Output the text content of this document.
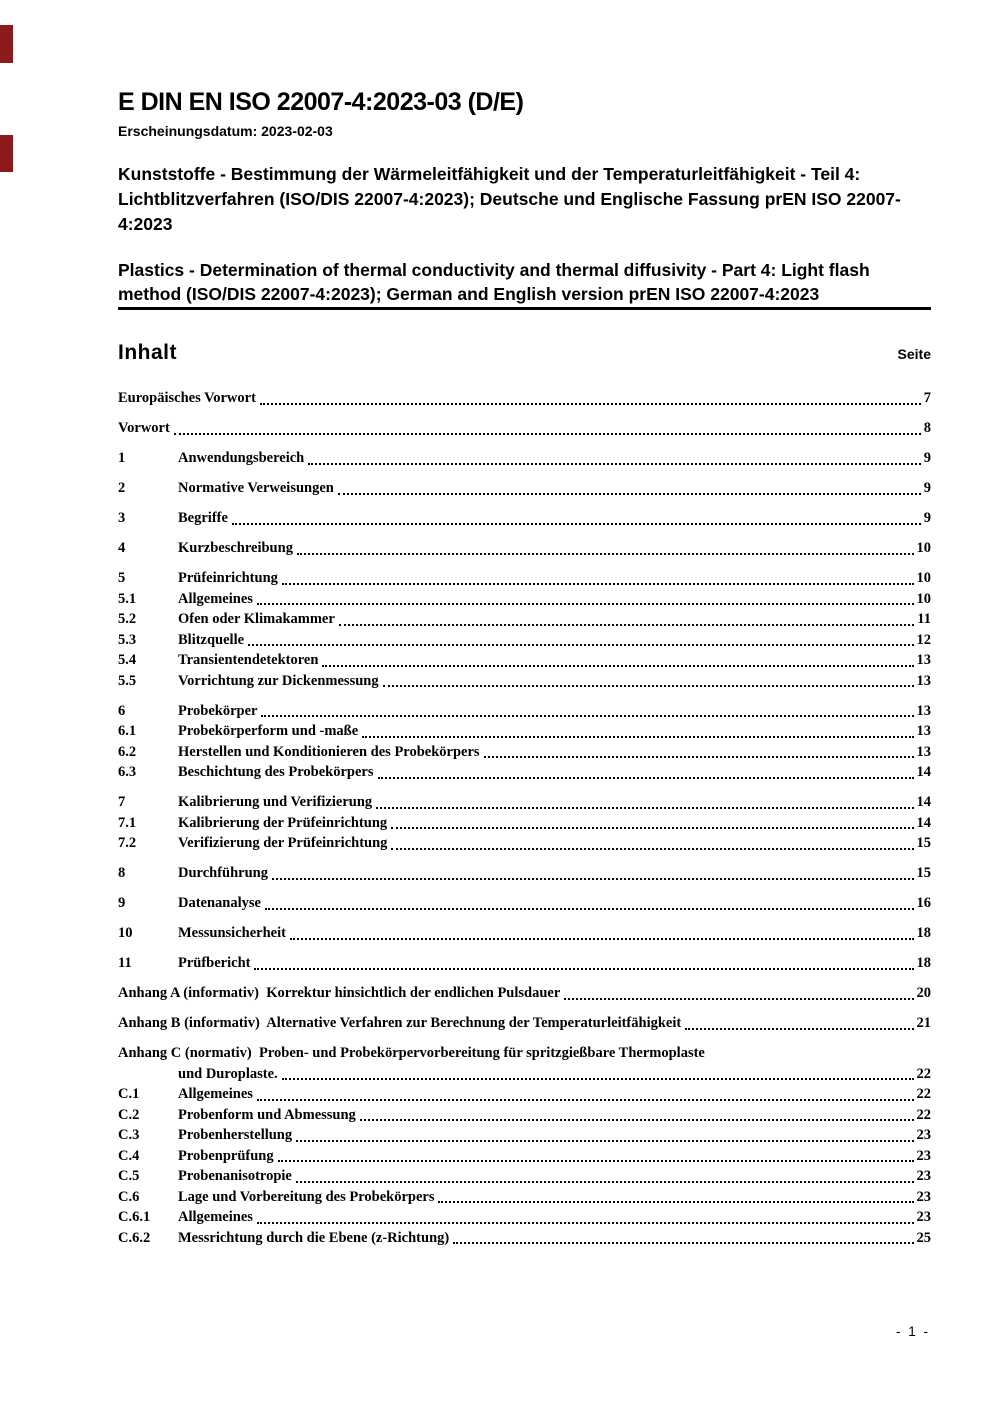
E DIN EN ISO 22007-4:2023-03 (D/E)
Erscheinungsdatum: 2023-02-03
Kunststoffe - Bestimmung der Wärmeleitfähigkeit und der Temperaturleitfähigkeit - Teil 4: Lichtblitzverfahren (ISO/DIS 22007-4:2023); Deutsche und Englische Fassung prEN ISO 22007-4:2023
Plastics - Determination of thermal conductivity and thermal diffusivity - Part 4: Light flash method (ISO/DIS 22007-4:2023); German and English version prEN ISO 22007-4:2023
Inhalt	Seite
Europäisches Vorwort	7
Vorwort	8
1	Anwendungsbereich	9
2	Normative Verweisungen	9
3	Begriffe	9
4	Kurzbeschreibung	10
5	Prüfeinrichtung	10
5.1	Allgemeines	10
5.2	Ofen oder Klimakammer	11
5.3	Blitzquelle	12
5.4	Transientendetektoren	13
5.5	Vorrichtung zur Dickenmessung	13
6	Probekörper	13
6.1	Probekörperform und -maße	13
6.2	Herstellen und Konditionieren des Probekörpers	13
6.3	Beschichtung des Probekörpers	14
7	Kalibrierung und Verifizierung	14
7.1	Kalibrierung der Prüfeinrichtung	14
7.2	Verifizierung der Prüfeinrichtung	15
8	Durchführung	15
9	Datenanalyse	16
10	Messunsicherheit	18
11	Prüfbericht	18
Anhang A (informativ)  Korrektur hinsichtlich der endlichen Pulsdauer	20
Anhang B (informativ)  Alternative Verfahren zur Berechnung der Temperaturleitfähigkeit	21
Anhang C (normativ)  Proben- und Probekörpervorbereitung für spritzgießbare Thermoplaste
und Duroplaste.	22
C.1	Allgemeines	22
C.2	Probenform und Abmessung	22
C.3	Probenherstellung	23
C.4	Probenprüfung	23
C.5	Probenanisotropie	23
C.6	Lage und Vorbereitung des Probekörpers	23
C.6.1	Allgemeines	23
C.6.2	Messrichtung durch die Ebene (z-Richtung)	25
- 1 -
